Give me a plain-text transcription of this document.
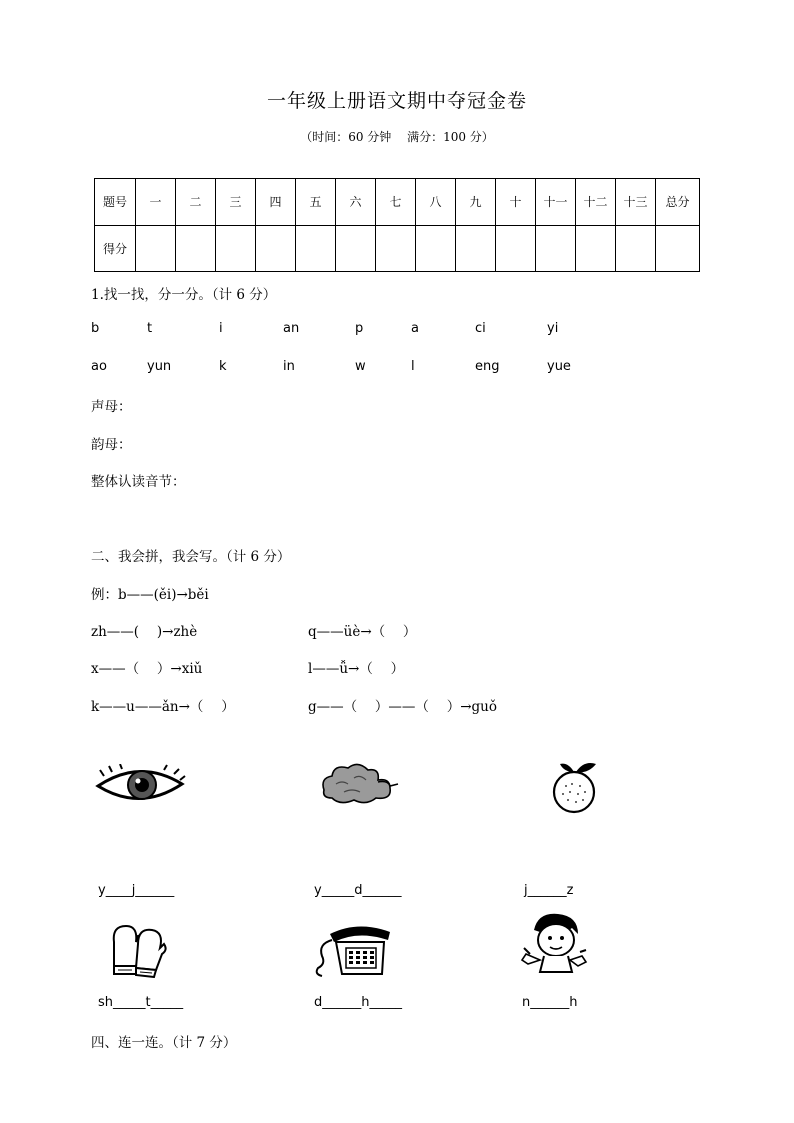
一年级上册语文期中夺冠金卷
（时间：60 分钟　 满分：100 分）
题号	一	二	三	四	五	六	七	八	九	十	十一	十二	十三	总分
得分														
1.找一找，分一分。（计 6 分）
b	t	i	an	p	a	ci	yi
ao	yun	k	in	w	l	eng	yue
声母：
韵母：
整体认读音节：
二、我会拼，我会写。（计 6 分）
例：b——(ěi)→běi
zh——(　 )→zhè	q——üè→（　 ）
x——（　 ）→xiǔ	l——ǚ→（　 ）
k——u——ǎn→（　 ）	g——（　 ）——（　 ）→guǒ
y____j______	y_____d______	j______z
sh_____t_____	d______h_____	n______h
四、连一连。（计 7 分）
